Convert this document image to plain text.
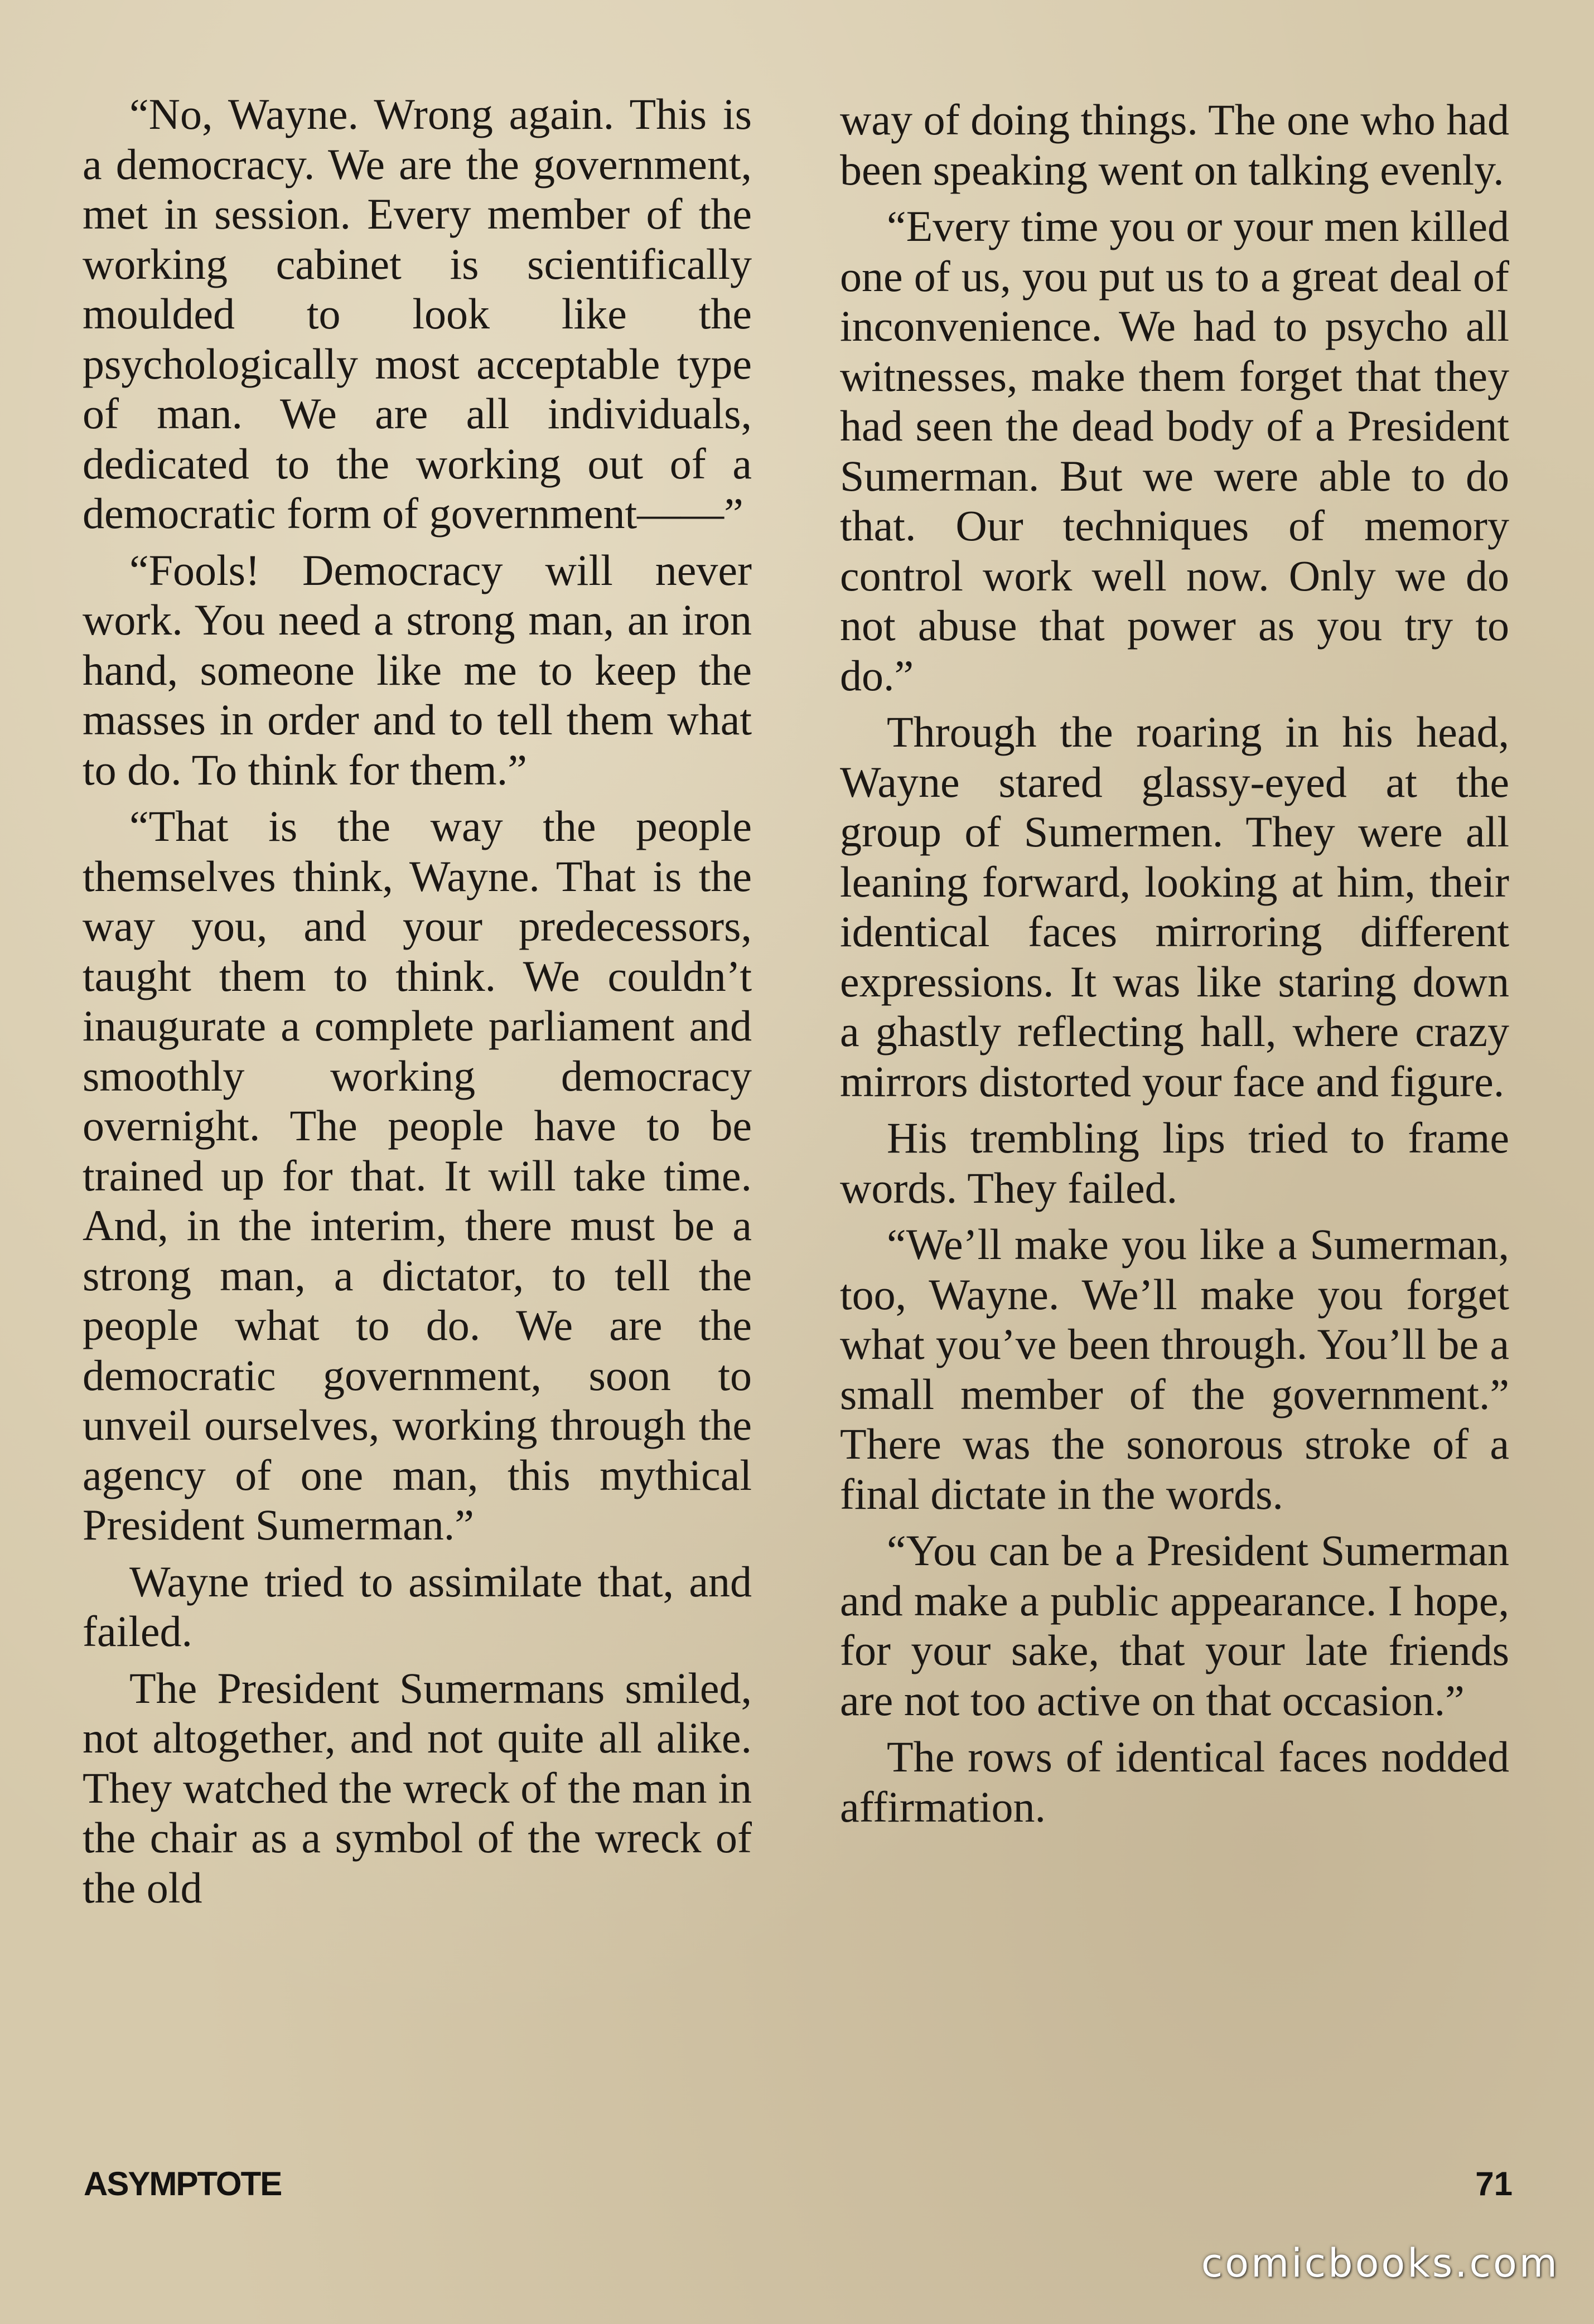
“No, Wayne. Wrong again. This is a democracy. We are the government, met in session. Every member of the working cabinet is scientifically moulded to look like the psychologically most acceptable type of man. We are all individuals, dedicated to the working out of a democratic form of government——”

“Fools! Democracy will never work. You need a strong man, an iron hand, someone like me to keep the masses in order and to tell them what to do. To think for them.”

“That is the way the people themselves think, Wayne. That is the way you, and your predecessors, taught them to think. We couldn’t inaugurate a complete parliament and smoothly working democracy overnight. The people have to be trained up for that. It will take time. And, in the interim, there must be a strong man, a dictator, to tell the people what to do. We are the democratic government, soon to unveil ourselves, working through the agency of one man, this mythical President Sumerman.”

Wayne tried to assimilate that, and failed.

The President Sumermans smiled, not altogether, and not quite all alike. They watched the wreck of the man in the chair as a symbol of the wreck of the old

way of doing things. The one who had been speaking went on talking evenly.

“Every time you or your men killed one of us, you put us to a great deal of inconvenience. We had to psycho all witnesses, make them forget that they had seen the dead body of a President Sumerman. But we were able to do that. Our techniques of memory control work well now. Only we do not abuse that power as you try to do.”

Through the roaring in his head, Wayne stared glassy-eyed at the group of Sumermen. They were all leaning forward, looking at him, their identical faces mirroring different expressions. It was like staring down a ghastly reflecting hall, where crazy mirrors distorted your face and figure.

His trembling lips tried to frame words. They failed.

“We’ll make you like a Sumerman, too, Wayne. We’ll make you forget what you’ve been through. You’ll be a small member of the government.” There was the sonorous stroke of a final dictate in the words.

“You can be a President Sumerman and make a public appearance. I hope, for your sake, that your late friends are not too active on that occasion.”

The rows of identical faces nodded affirmation.

ASYMPTOTE	71
comicbooks.com
